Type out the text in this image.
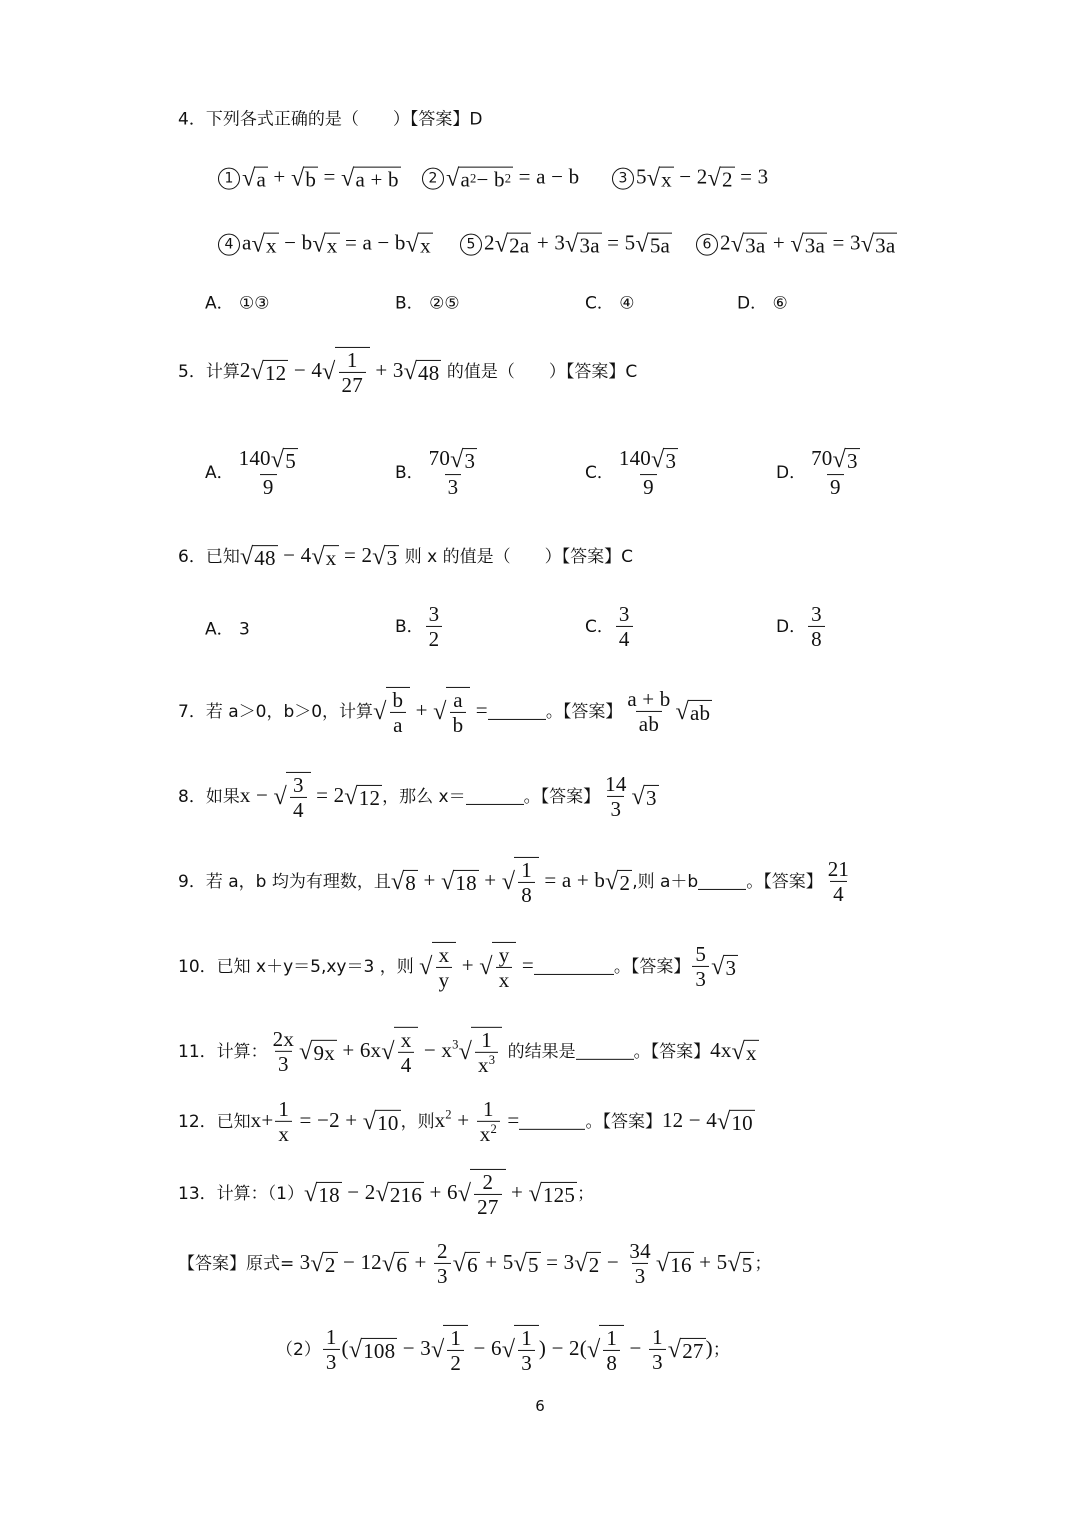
4．下列各式正确的是（　　）【答案】D
1 √ a + √ b = √ a + b	2 √ a 2 − b 2 = a − b	3 5 √ x − 2 √ 2 = 3
4 a √ x − b √ x = a − b √ x	5 2 √ 2a + 3 √ 3a = 5 √ 5a	6 2 √ 3a + √ 3a = 3 √ 3a
A． ①③	B． ②⑤	C． ④	D． ⑥
5．计算2 √ 12 − 4 √ $\frac{1}{27} + 3$ √ 48 的值是（　　）【答案】C
A． $\frac{140 √ 5}{9}$	B． $\frac{70 √ 3}{3}$	C． $\frac{140 √ 3}{9}$	D． $\frac{70 √ 3}{9}$
6．已知 √ 48 − 4 √ x = 2 √ 3 则 x 的值是（　　）【答案】C
A． 3	B． $\frac{3}{2}$	C． $\frac{3}{4}$	D． $\frac{3}{8}$
7．若 a＞0，b＞0，计算 √ $\frac{b}{a}$ + √ $\frac{a}{b}$ =	。【答案】 $\frac{a + b}{ab}$ √ ab
8．如果x − √ $\frac{3}{4} = 2$ √ 12 ，那么 x＝	。【答案】 $\frac{14}{3}$ √ 3
9．若 a，b 均为有理数，且 √ 8 + √ 18 + √ $\frac{1}{8} = a + b$ √ 2 ,则 a＋b	。【答案】 $\frac{21}{4}$
10．已知 x＋y＝5,xy＝3 ，则 √ $\frac{x}{y}$ + √ $\frac{y}{x}$ =	。【答案】 $\frac{5}{3}$ √ 3
11．计算： $\frac{2x}{3}$ √ 9x + 6x √ $\frac{x}{4} - x^3$ √ $\frac{1}{x^3}$ 的结果是	。【答案】4x √ x
12．已知$x+ \frac{1}{x} = -2$ + √ 10 ，则$x^2 + \frac{1}{x^2}$ =	。【答案】12 − 4 √ 10
13．计算：（1） √ 18 − 2 √ 216 + 6 √ $\frac{2}{27}$ + √ 125 ；
【答案】原式= 3 √ 2 − 12 √ $6 + \frac{2}{3}$ √ 6 + 5 √ 5 = 3 √ $2 - \frac{34}{3}$ √ 16 + 5 √ 5 ；
$(2) \frac{1}{3}$ ( √ 108 − 3 √ $\frac{1}{2} - 6$ √ $\frac{1}{3}$ ) − 2( √ $\frac{1}{8} - \frac{1}{3}$ √ 27 )；
6
